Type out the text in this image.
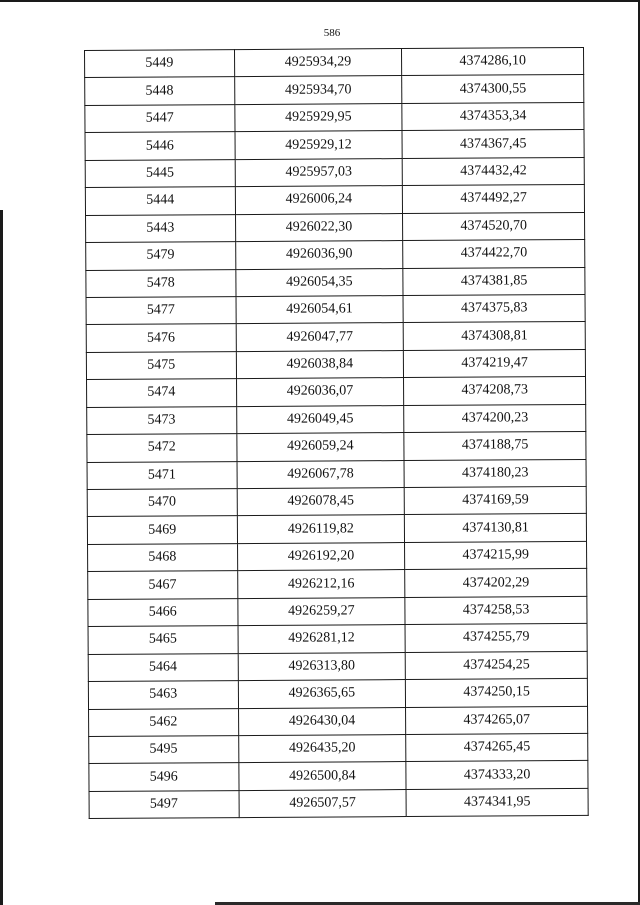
586
5449	4925934,29	4374286,10
5448	4925934,70	4374300,55
5447	4925929,95	4374353,34
5446	4925929,12	4374367,45
5445	4925957,03	4374432,42
5444	4926006,24	4374492,27
5443	4926022,30	4374520,70
5479	4926036,90	4374422,70
5478	4926054,35	4374381,85
5477	4926054,61	4374375,83
5476	4926047,77	4374308,81
5475	4926038,84	4374219,47
5474	4926036,07	4374208,73
5473	4926049,45	4374200,23
5472	4926059,24	4374188,75
5471	4926067,78	4374180,23
5470	4926078,45	4374169,59
5469	4926119,82	4374130,81
5468	4926192,20	4374215,99
5467	4926212,16	4374202,29
5466	4926259,27	4374258,53
5465	4926281,12	4374255,79
5464	4926313,80	4374254,25
5463	4926365,65	4374250,15
5462	4926430,04	4374265,07
5495	4926435,20	4374265,45
5496	4926500,84	4374333,20
5497	4926507,57	4374341,95
